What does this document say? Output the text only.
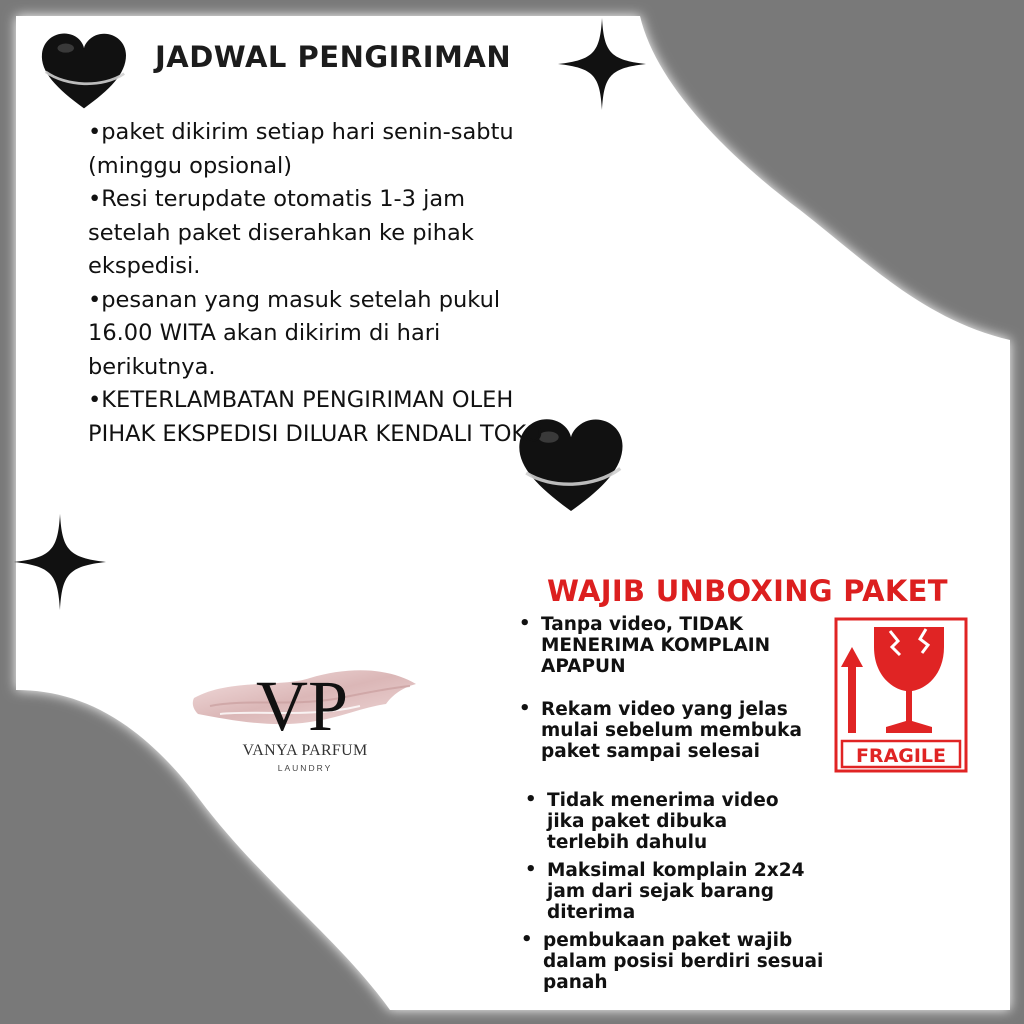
JADWAL PENGIRIMAN
•paket dikirim setiap hari senin-sabtu (minggu opsional)
•Resi terupdate otomatis 1-3 jam setelah paket diserahkan ke pihak ekspedisi.
•pesanan yang masuk setelah pukul 16.00 WITA akan dikirim di hari berikutnya.
•KETERLAMBATAN PENGIRIMAN OLEH PIHAK EKSPEDISI DILUAR KENDALI TOKO
VP

VANYA PARFUM

LAUNDRY

WAJIB UNBOXING PAKET

• Tanpa video, TIDAK MENERIMA KOMPLAIN APAPUN

• Rekam video yang jelas mulai sebelum membuka paket sampai selesai

• Tidak menerima video jika paket dibuka terlebih dahulu

• Maksimal komplain 2x24 jam dari sejak barang diterima

• pembukaan paket wajib dalam posisi berdiri sesuai panah

FRAGILE
